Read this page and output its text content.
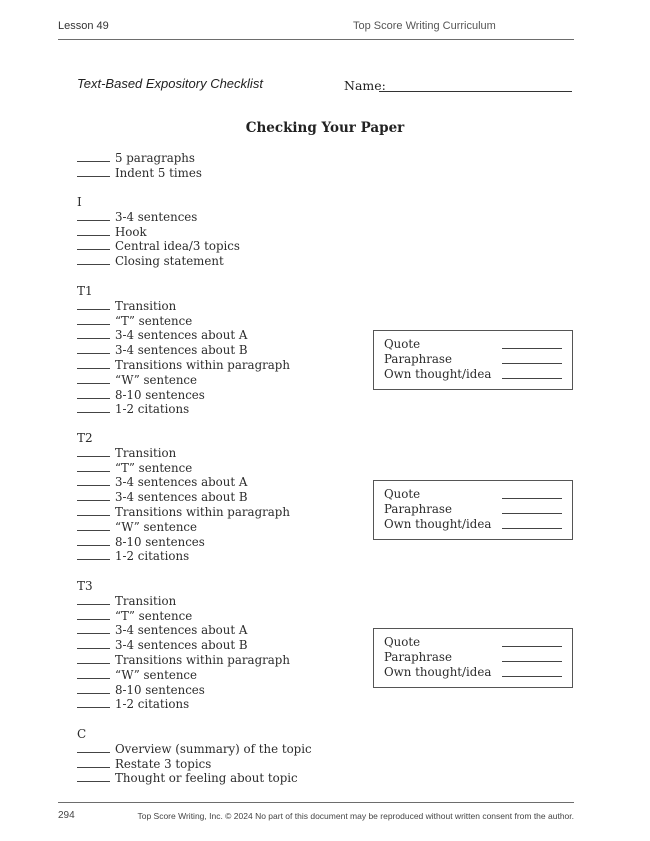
Lesson 49	Top Score Writing Curriculum
Text-Based Expository Checklist	Name:
Checking Your Paper
5 paragraphs
Indent 5 times
I
3-4 sentences
Hook
Central idea/3 topics
Closing statement
T1
Transition
“T” sentence
3-4 sentences about A
3-4 sentences about B
Transitions within paragraph
“W” sentence
8-10 sentences
1-2 citations
T2
Transition
“T” sentence
3-4 sentences about A
3-4 sentences about B
Transitions within paragraph
“W” sentence
8-10 sentences
1-2 citations
T3
Transition
“T” sentence
3-4 sentences about A
3-4 sentences about B
Transitions within paragraph
“W” sentence
8-10 sentences
1-2 citations
C
Overview (summary) of the topic
Restate 3 topics
Thought or feeling about topic
Quote
Paraphrase
Own thought/idea
Quote
Paraphrase
Own thought/idea
Quote
Paraphrase
Own thought/idea
294	Top Score Writing, Inc. © 2024 No part of this document may be reproduced without written consent from the author.
